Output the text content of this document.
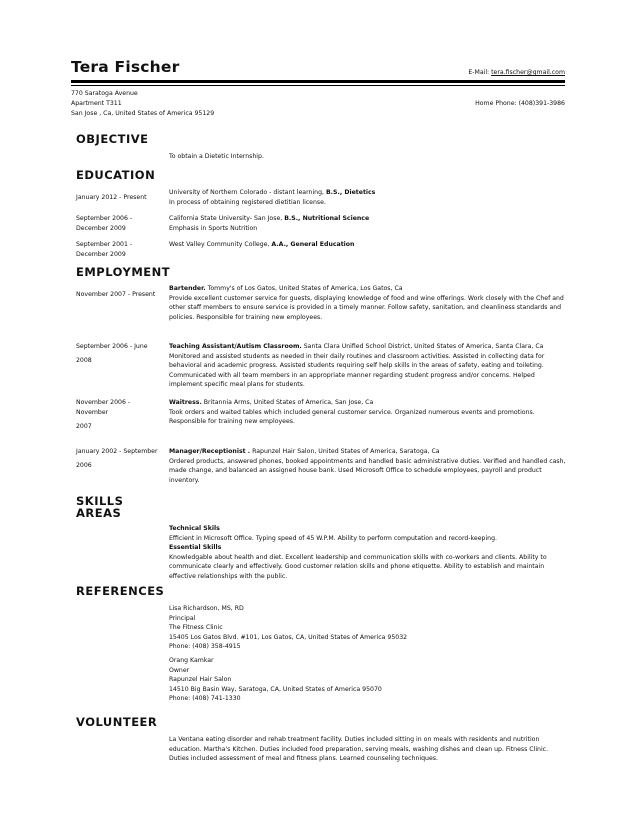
Tera Fischer	E-Mail: tera.fischer@gmail.com
770 Saratoga Avenue
Apartment T311
San Jose , Ca, United States of America 95129
Home Phone: (408)391-3986
OBJECTIVE
To obtain a Dietetic Internship.
EDUCATION
January 2012 - Present
University of Northern Colorado - distant learning, B.S., Dietetics
In process of obtaining registered dietitian license.
September 2006 - December 2009
California State University- San Jose, B.S., Nutritional Science
Emphasis in Sports Nutrition
September 2001 - December 2009
West Valley Community College, A.A., General Education
EMPLOYMENT
November 2007 - Present
Bartender. Tommy's of Los Gatos, United States of America, Los Gatos, Ca
Provide excellent customer service for guests, displaying knowledge of food and wine offerings. Work closely with the Chef and other staff members to ensure service is provided in a timely manner. Follow safety, sanitation, and cleanliness standards and policies. Responsible for training new employees.
September 2006 - June
2008
Teaching Assistant/Autism Classroom. Santa Clara Unified School District, United States of America, Santa Clara, Ca
Monitored and assisted students as needed in their daily routines and classroom activities. Assisted in collecting data for behavioral and academic progress. Assisted students requiring self help skills in the areas of safety, eating and toileting. Communicated with all team members in an appropriate manner regarding student progress and/or concerns. Helped implement specific meal plans for students.
November 2006 - November
2007
Waitress. Britannia Arms, United States of America, San Jose, Ca
Took orders and waited tables which included general customer service. Organized numerous events and promotions. Responsible for training new employees.
January 2002 - September
2006
Manager/Receptionist . Rapunzel Hair Salon, United States of America, Saratoga, Ca
Ordered products, answered phones, booked appointments and handled basic administrative duties. Verified and handled cash, made change, and balanced an assigned house bank. Used Microsoft Office to schedule employees, payroll and product inventory.
SKILLS
AREAS
Technical Skils
Efficient in Microsoft Office. Typing speed of 45 W.P.M. Ability to perform computation and record-keeping.
Essential Skills
Knowledgable about health and diet. Excellent leadership and communication skills with co-workers and clients. Ability to communicate clearly and effectively. Good customer relation skills and phone etiquette. Ability to establish and maintain effective relationships with the public.
REFERENCES
Lisa Richardson, MS, RD
Principal
The Fitness Clinic
15405 Los Gatos Blvd. #101, Los Gatos, CA, United States of America 95032
Phone: (408) 358-4915
Orang Kamkar
Owner
Rapunzel Hair Salon
14510 Big Basin Way, Saratoga, CA, United States of America 95070
Phone: (408) 741-1330
VOLUNTEER
La Ventana eating disorder and rehab treatment facility. Duties included sitting in on meals with residents and nutrition education. Martha's Kitchen. Duties included food preparation, serving meals, washing dishes and clean up. Fitness Clinic. Duties included assessment of meal and fitness plans. Learned counseling techniques.
